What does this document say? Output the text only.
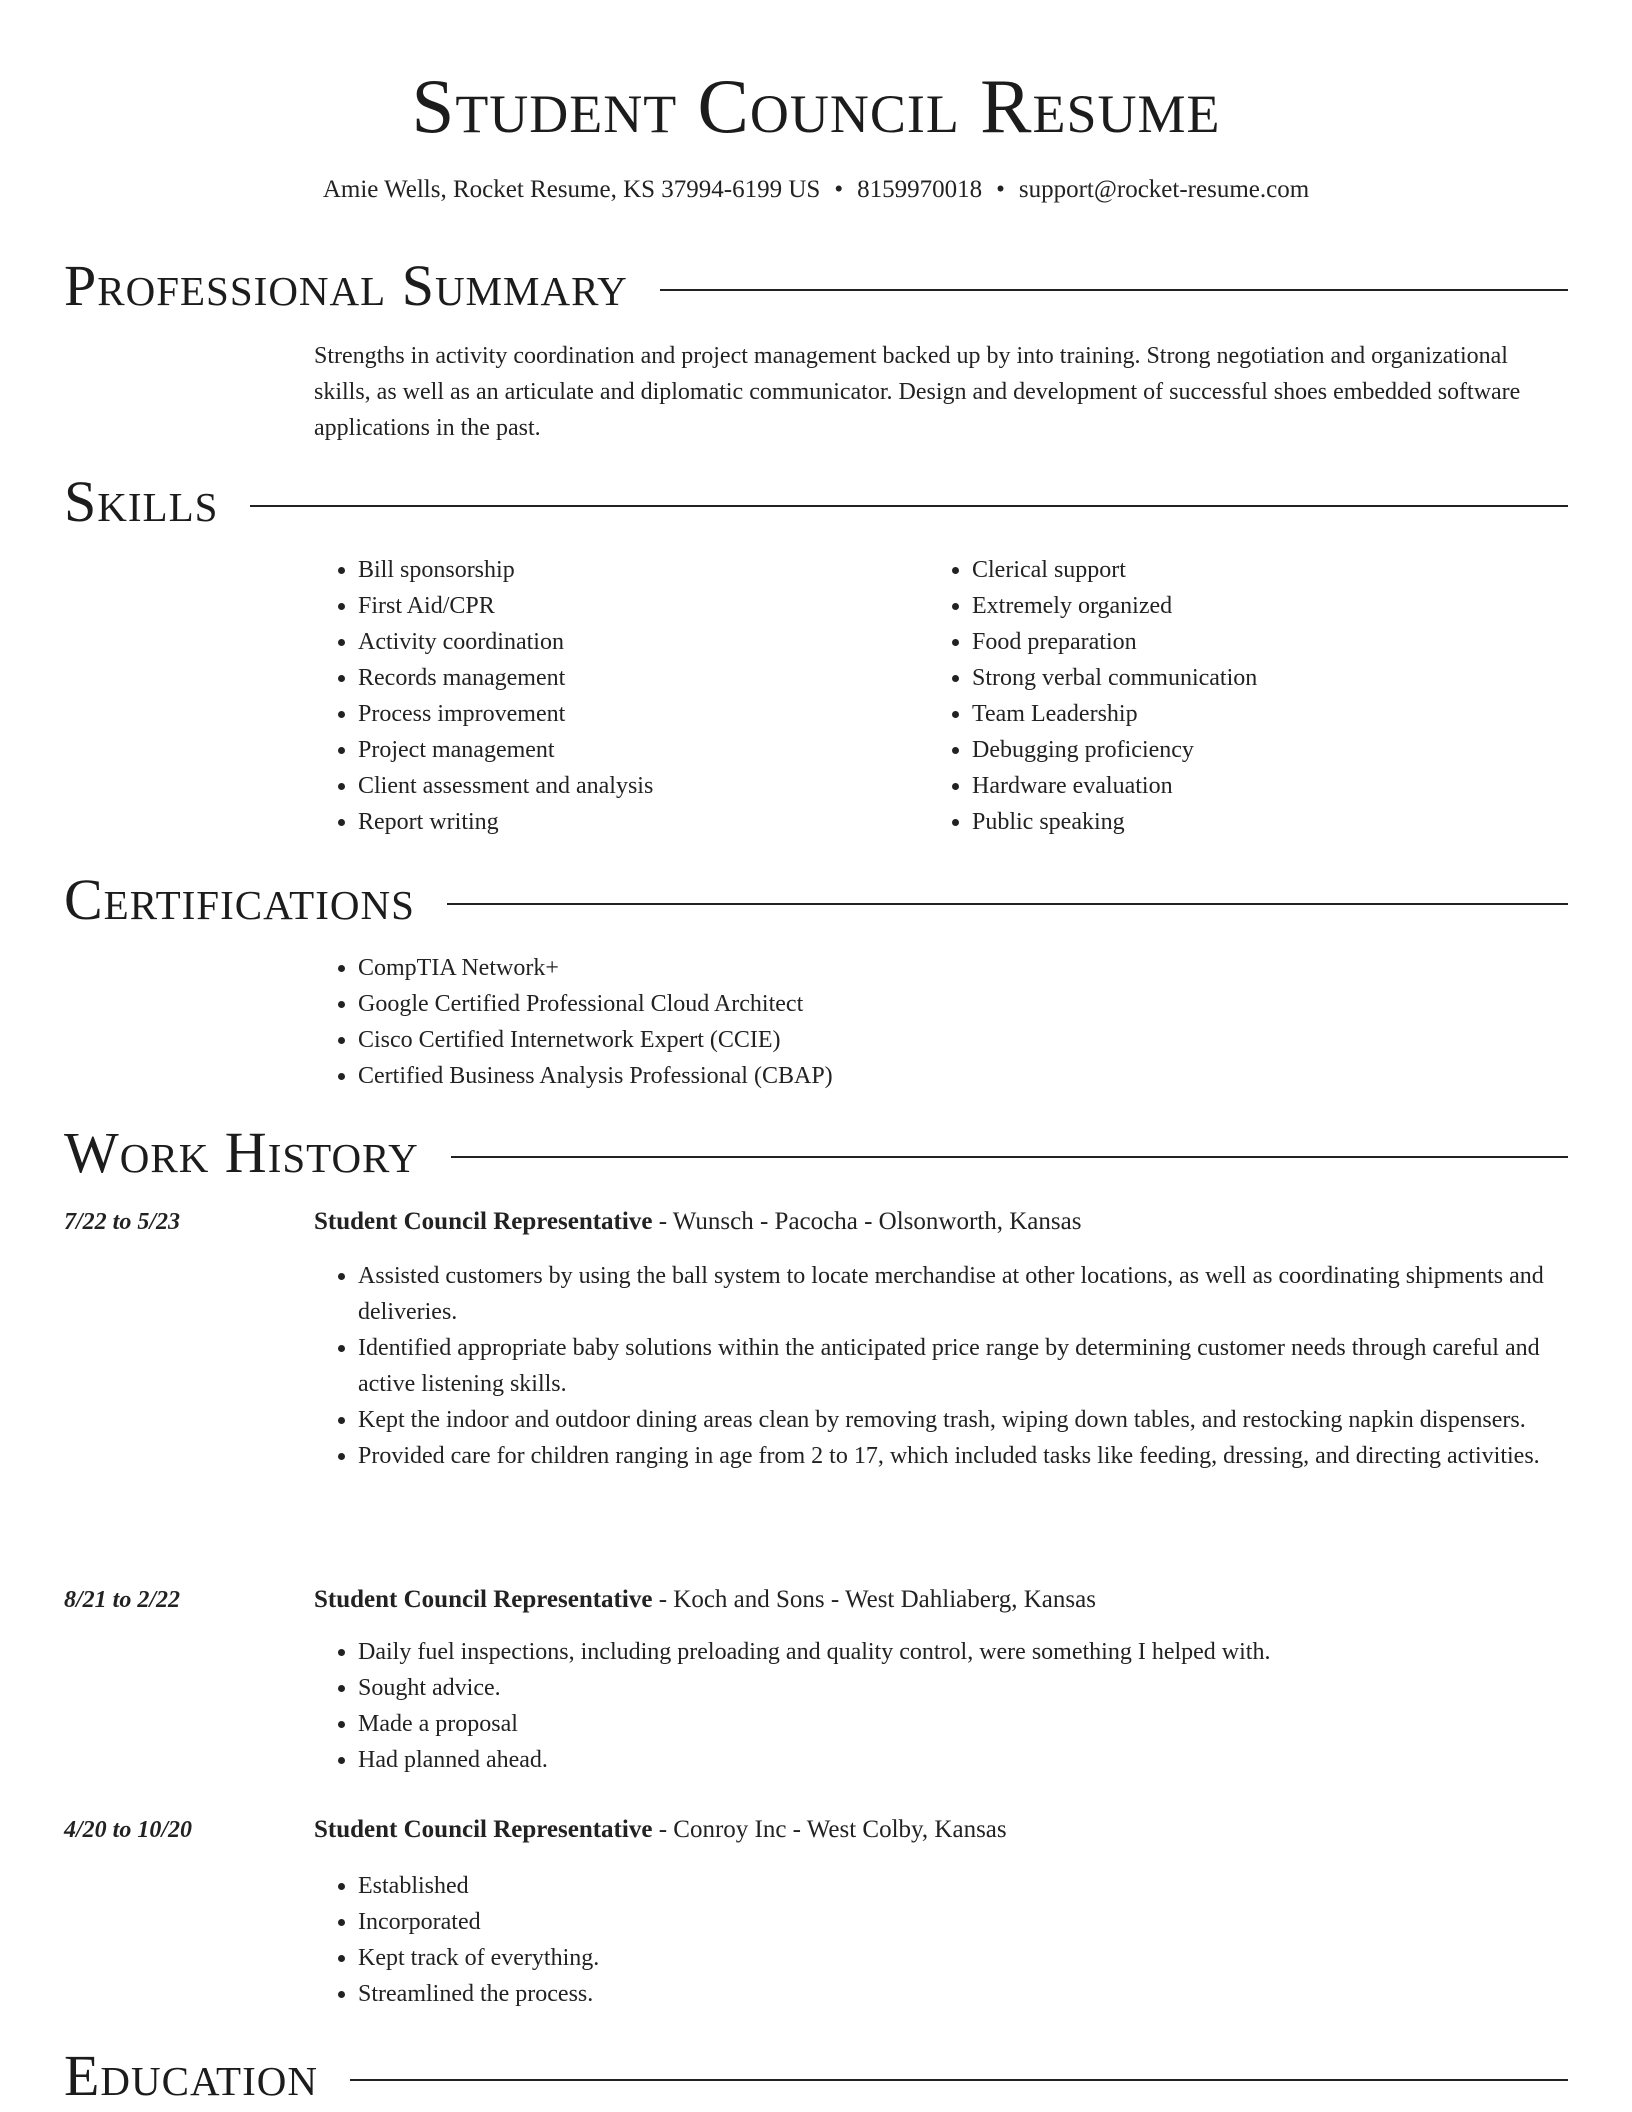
Student Council Resume
Amie Wells, Rocket Resume, KS 37994-6199 US • 8159970018 • support@rocket-resume.com
Professional Summary

Strengths in activity coordination and project management backed up by into training. Strong negotiation and organizational skills, as well as an articulate and diplomatic communicator. Design and development of successful shoes embedded software applications in the past.

Skills
• Bill sponsorship
• First Aid/CPR
• Activity coordination
• Records management
• Process improvement
• Project management
• Client assessment and analysis
• Report writing
• Clerical support
• Extremely organized
• Food preparation
• Strong verbal communication
• Team Leadership
• Debugging proficiency
• Hardware evaluation
• Public speaking
Certifications
• CompTIA Network+
• Google Certified Professional Cloud Architect
• Cisco Certified Internetwork Expert (CCIE)
• Certified Business Analysis Professional (CBAP)
Work History
7/22 to 5/23	Student Council Representative - Wunsch - Pacocha - Olsonworth, Kansas
• Assisted customers by using the ball system to locate merchandise at other locations, as well as coordinating shipments and deliveries.
• Identified appropriate baby solutions within the anticipated price range by determining customer needs through careful and active listening skills.
• Kept the indoor and outdoor dining areas clean by removing trash, wiping down tables, and restocking napkin dispensers.
• Provided care for children ranging in age from 2 to 17, which included tasks like feeding, dressing, and directing activities.
8/21 to 2/22	Student Council Representative - Koch and Sons - West Dahliaberg, Kansas
• Daily fuel inspections, including preloading and quality control, were something I helped with.
• Sought advice.
• Made a proposal
• Had planned ahead.
4/20 to 10/20	Student Council Representative - Conroy Inc - West Colby, Kansas
• Established
• Incorporated
• Kept track of everything.
• Streamlined the process.
Education
